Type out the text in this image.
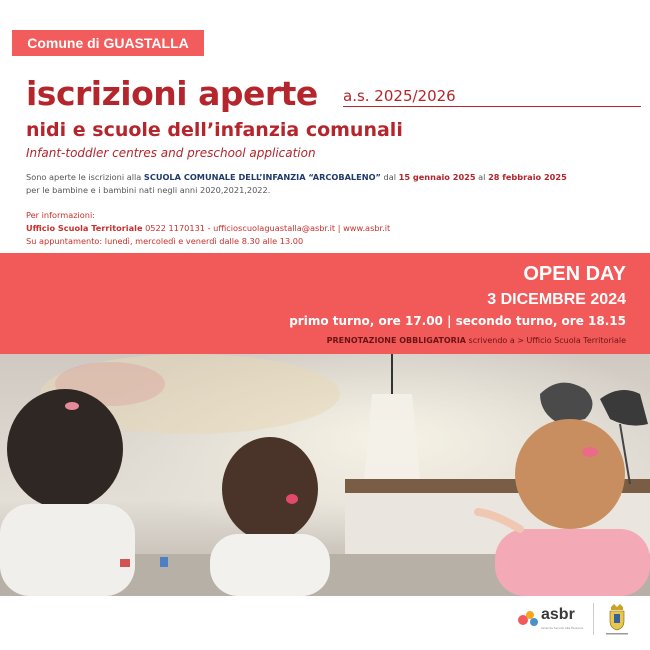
Comune di GUASTALLA
iscrizioni aperte a.s. 2025/2026
nidi e scuole dell’infanzia comunali
Infant-toddler centres and preschool application
Sono aperte le iscrizioni alla SCUOLA COMUNALE DELL’INFANZIA “ARCOBALENO” dal 15 gennaio 2025 al 28 febbraio 2025
per le bambine e i bambini nati negli anni 2020,2021,2022.
Per informazioni:
Ufficio Scuola Territoriale 0522 1170131 - ufficioscuolaguastalla@asbr.it | www.asbr.it
Su appuntamento: lunedì, mercoledì e venerdì dalle 8.30 alle 13.00
OPEN DAY
3 DICEMBRE 2024
primo turno, ore 17.00 | secondo turno, ore 18.15
PRENOTAZIONE OBBLIGATORIA scrivendo a > Ufficio Scuola Territoriale
asbr
Azienda Servizi alla Persona
